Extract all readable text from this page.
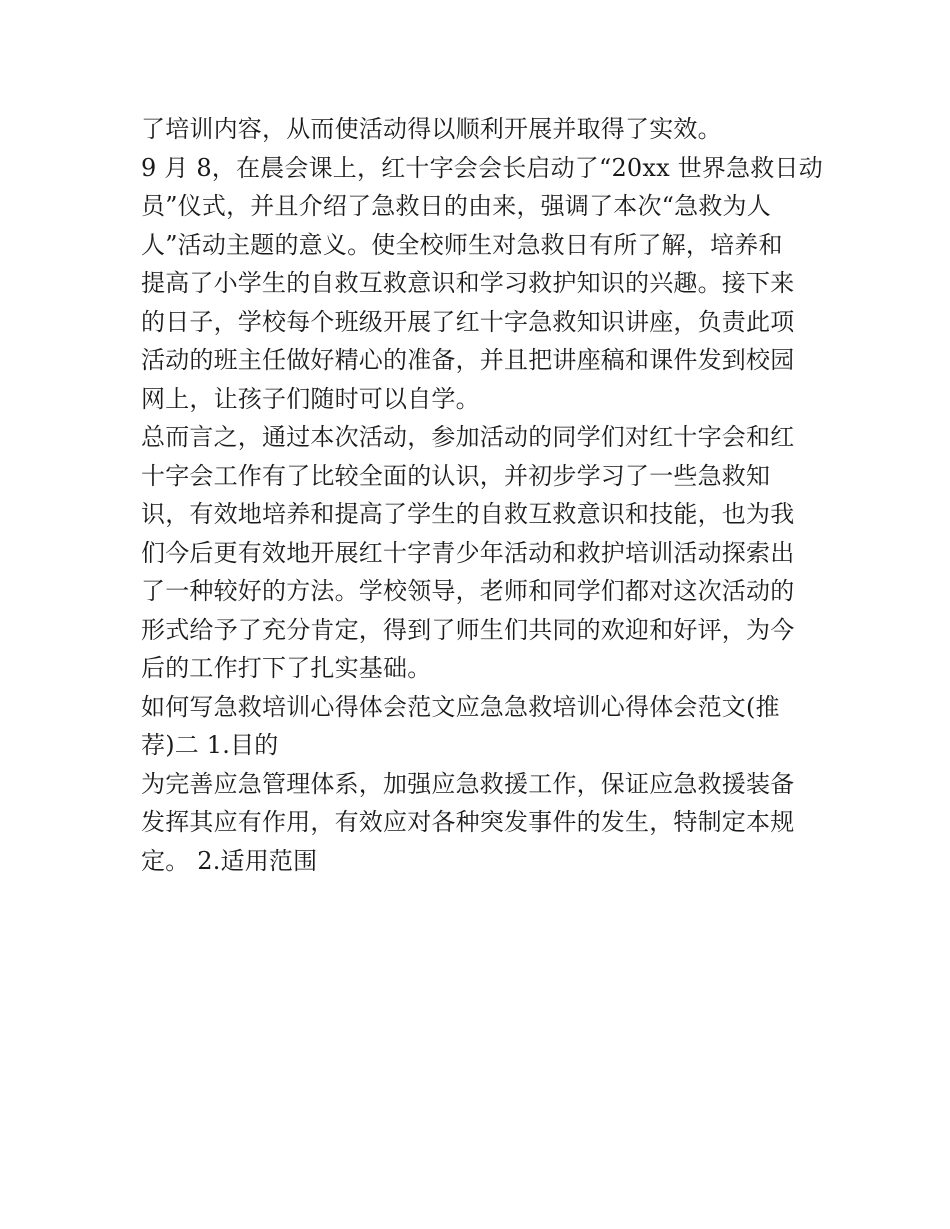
了培训内容，从而使活动得以顺利开展并取得了实效。
9 月 8，在晨会课上，红十字会会长启动了“20xx 世界急救日动
员”仪式，并且介绍了急救日的由来，强调了本次“急救为人
人”活动主题的意义。使全校师生对急救日有所了解，培养和
提高了小学生的自救互救意识和学习救护知识的兴趣。接下来
的日子，学校每个班级开展了红十字急救知识讲座，负责此项
活动的班主任做好精心的准备，并且把讲座稿和课件发到校园
网上，让孩子们随时可以自学。
总而言之，通过本次活动，参加活动的同学们对红十字会和红
十字会工作有了比较全面的认识，并初步学习了一些急救知
识，有效地培养和提高了学生的自救互救意识和技能，也为我
们今后更有效地开展红十字青少年活动和救护培训活动探索出
了一种较好的方法。学校领导，老师和同学们都对这次活动的
形式给予了充分肯定，得到了师生们共同的欢迎和好评，为今
后的工作打下了扎实基础。
如何写急救培训心得体会范文应急急救培训心得体会范文(推
荐)二 1.目的
为完善应急管理体系，加强应急救援工作，保证应急救援装备
发挥其应有作用，有效应对各种突发事件的发生，特制定本规
定。 2.适用范围
